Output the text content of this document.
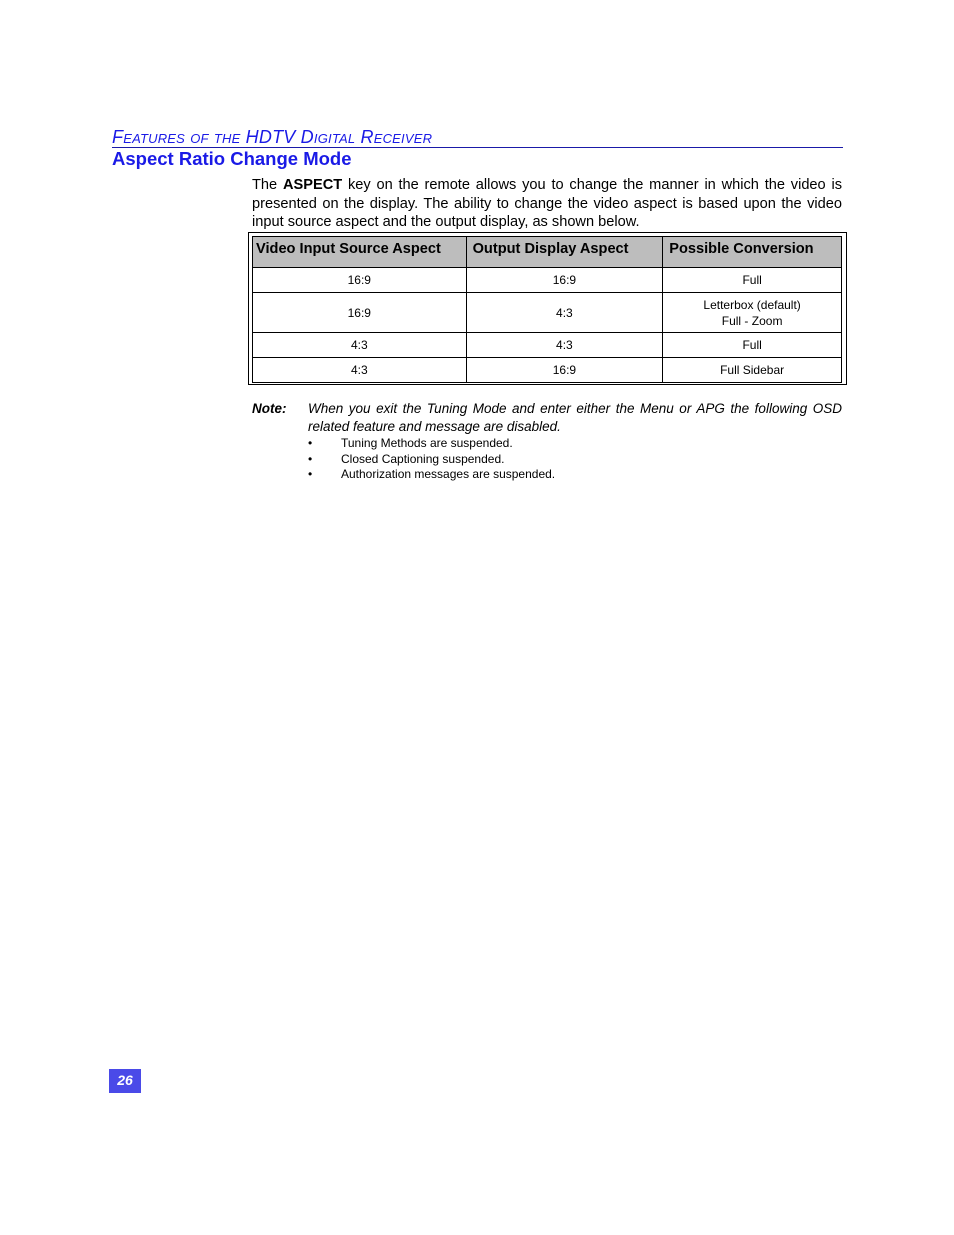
Features of the HDTV Digital Receiver
Aspect Ratio Change Mode

The ASPECT key on the remote allows you to change the manner in which the video is presented on the display. The ability to change the video aspect is based upon the video input source aspect and the output display, as shown below.

Video Input Source Aspect	Output Display Aspect	Possible Conversion
16:9	16:9	Full

16:9	4:3	Letterbox (default)
Full - Zoom

4:3	4:3	Full

4:3	16:9	Full Sidebar
Note: When you exit the Tuning Mode and enter either the Menu or APG the following OSD related feature and message are disabled.

• Tuning Methods are suspended.
• Closed Captioning suspended.
• Authorization messages are suspended.
26
